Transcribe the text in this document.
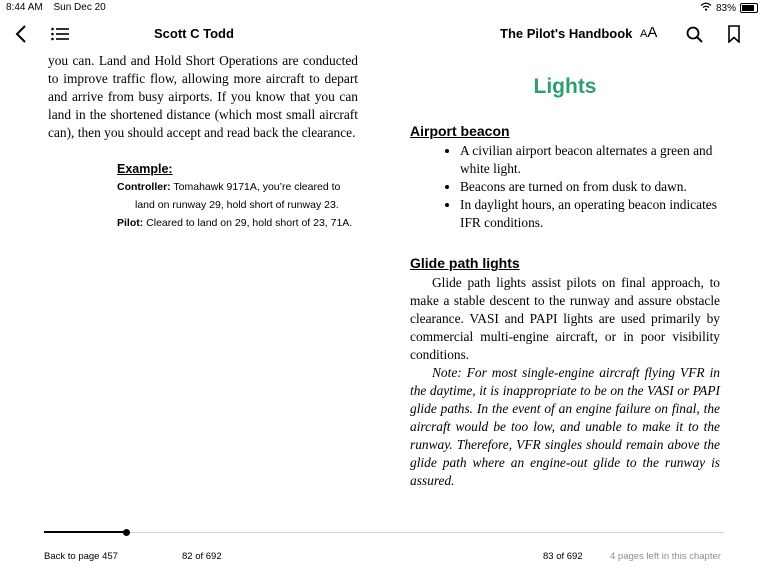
8:44 AM Sun Dec 20	83%
Scott C Todd	The Pilot's Handbook AA
you can. Land and Hold Short Operations are conducted to improve traffic flow, allowing more aircraft to depart and arrive from busy airports. If you know that you can land in the shortened distance (which most small aircraft can), then you should accept and read back the clearance.
Example:
Controller: Tomahawk 9171A, you’re cleared to
land on runway 29, hold short of runway 23.
Pilot: Cleared to land on 29, hold short of 23, 71A.
Lights
Airport beacon
• A civilian airport beacon alternates a green and white light.
• Beacons are turned on from dusk to dawn.
• In daylight hours, an operating beacon indicates IFR conditions.
Glide path lights

Glide path lights assist pilots on final approach, to make a stable descent to the runway and assure obstacle clearance. VASI and PAPI lights are used primarily by commercial multi-engine aircraft, or in poor visibility conditions.

Note: For most single-engine aircraft flying VFR in the daytime, it is inappropriate to be on the VASI or PAPI glide paths. In the event of an engine failure on final, the aircraft would be too low, and unable to make it to the runway. Therefore, VFR singles should remain above the glide path where an engine-out glide to the runway is assured.

Back to page 457	82 of 692	83 of 692	4 pages left in this chapter
